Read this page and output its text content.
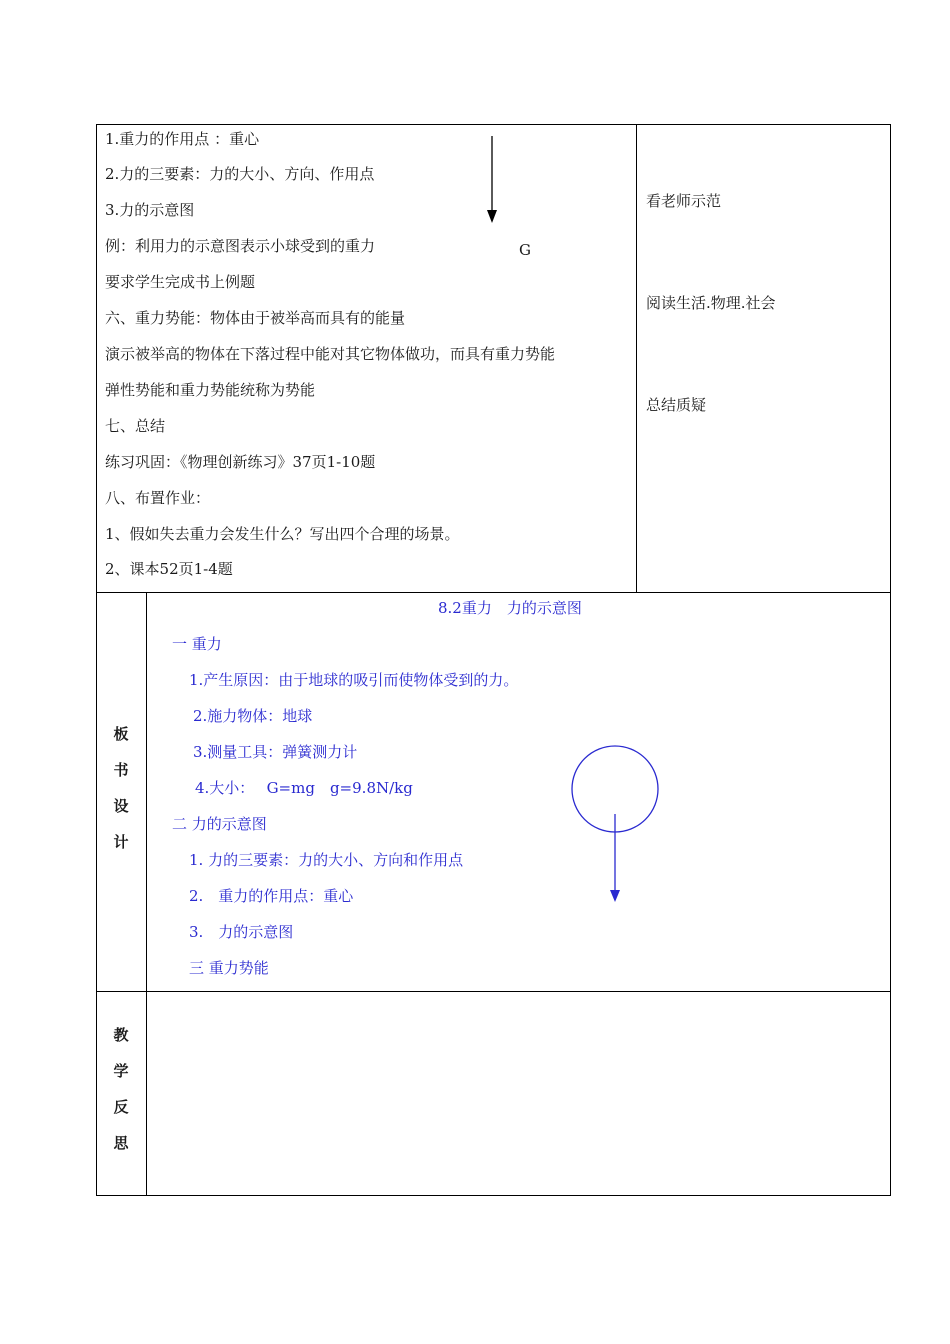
1.重力的作用点 ：重心
2.力的三要素：力的大小、方向、作用点
3.力的示意图
例：利用力的示意图表示小球受到的重力
要求学生完成书上例题
六、重力势能：物体由于被举高而具有的能量
演示被举高的物体在下落过程中能对其它物体做功，而具有重力势能
弹性势能和重力势能统称为势能
七、总结
练习巩固：《物理创新练习》37页1-10题
八、布置作业：
1、假如失去重力会发生什么？写出四个合理的场景。
2、课本52页1-4题
G
看老师示范
阅读生活.物理.社会
总结质疑
板
书
设
计
8.2重力　力的示意图
一 重力
1.产生原因：由于地球的吸引而使物体受到的力。
2.施力物体：地球
3.测量工具：弹簧测力计
4.大小：　 G=mg　g=9.8N/kg
二 力的示意图
1. 力的三要素：力的大小、方向和作用点
2.　重力的作用点：重心
3.　力的示意图
三 重力势能
教
学
反
思
